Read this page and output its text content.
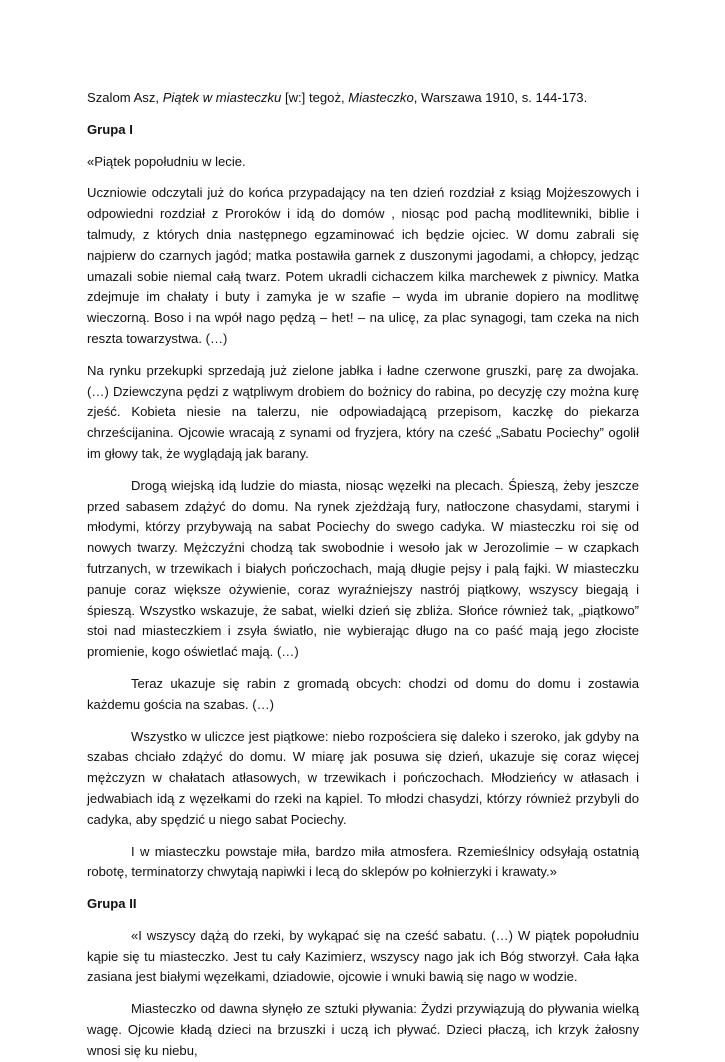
Szalom Asz, Piątek w miasteczku [w:] tegoż, Miasteczko, Warszawa 1910, s. 144-173.

Grupa I

«Piątek popołudniu w lecie.

Uczniowie odczytali już do końca przypadający na ten dzień rozdział z ksiąg Mojżeszowych i odpowiedni rozdział z Proroków i idą do domów , niosąc pod pachą modlitewniki, biblie i talmudy, z których dnia następnego egzaminować ich będzie ojciec. W domu zabrali się najpierw do czarnych jagód; matka postawiła garnek z duszonymi jagodami, a chłopcy, jedząc umazali sobie niemal całą twarz. Potem ukradli cichaczem kilka marchewek z piwnicy. Matka zdejmuje im chałaty i buty i zamyka je w szafie – wyda im ubranie dopiero na modlitwę wieczorną. Boso i na wpół nago pędzą – het! – na ulicę, za plac synagogi, tam czeka na nich reszta towarzystwa. (…)

Na rynku przekupki sprzedają już zielone jabłka i ładne czerwone gruszki, parę za dwojaka. (…) Dziewczyna pędzi z wątpliwym drobiem do bożnicy do rabina, po decyzję czy można kurę zjeść. Kobieta niesie na talerzu, nie odpowiadającą przepisom, kaczkę do piekarza chrześcijanina. Ojcowie wracają z synami od fryzjera, który na cześć „Sabatu Pociechy” ogolił im głowy tak, że wyglądają jak barany.

Drogą wiejską idą ludzie do miasta, niosąc węzełki na plecach. Śpieszą, żeby jeszcze przed sabasem zdążyć do domu. Na rynek zjeżdżają fury, natłoczone chasydami, starymi i młodymi, którzy przybywają na sabat Pociechy do swego cadyka. W miasteczku roi się od nowych twarzy. Mężczyźni chodzą tak swobodnie i wesoło jak w Jerozolimie – w czapkach futrzanych, w trzewikach i białych pończochach, mają długie pejsy i palą fajki. W miasteczku panuje coraz większe ożywienie, coraz wyraźniejszy nastrój piątkowy, wszyscy biegają i śpieszą. Wszystko wskazuje, że sabat, wielki dzień się zbliża. Słońce również tak, „piątkowo” stoi nad miasteczkiem i zsyła światło, nie wybierając długo na co paść mają jego złociste promienie, kogo oświetlać mają. (…)

Teraz ukazuje się rabin z gromadą obcych: chodzi od domu do domu i zostawia każdemu gościa na szabas. (…)

Wszystko w uliczce jest piątkowe: niebo rozpościera się daleko i szeroko, jak gdyby na szabas chciało zdążyć do domu. W miarę jak posuwa się dzień, ukazuje się coraz więcej mężczyzn w chałatach atłasowych, w trzewikach i pończochach. Młodzieńcy w atłasach i jedwabiach idą z węzełkami do rzeki na kąpiel. To młodzi chasydzi, którzy również przybyli do cadyka, aby spędzić u niego sabat Pociechy.

I w miasteczku powstaje miła, bardzo miła atmosfera. Rzemieślnicy odsyłają ostatnią robotę, terminatorzy chwytają napiwki i lecą do sklepów po kołnierzyki i krawaty.»

Grupa II

«I wszyscy dążą do rzeki, by wykąpać się na cześć sabatu. (…) W piątek popołudniu kąpie się tu miasteczko. Jest tu cały Kazimierz, wszyscy nago jak ich Bóg stworzył. Cała łąka zasiana jest białymi węzełkami, dziadowie, ojcowie i wnuki bawią się nago w wodzie.

Miasteczko od dawna słynęło ze sztuki pływania: Żydzi przywiązują do pływania wielką wagę. Ojcowie kładą dzieci na brzuszki i uczą ich pływać. Dzieci płaczą, ich krzyk żałosny wnosi się ku niebu,
